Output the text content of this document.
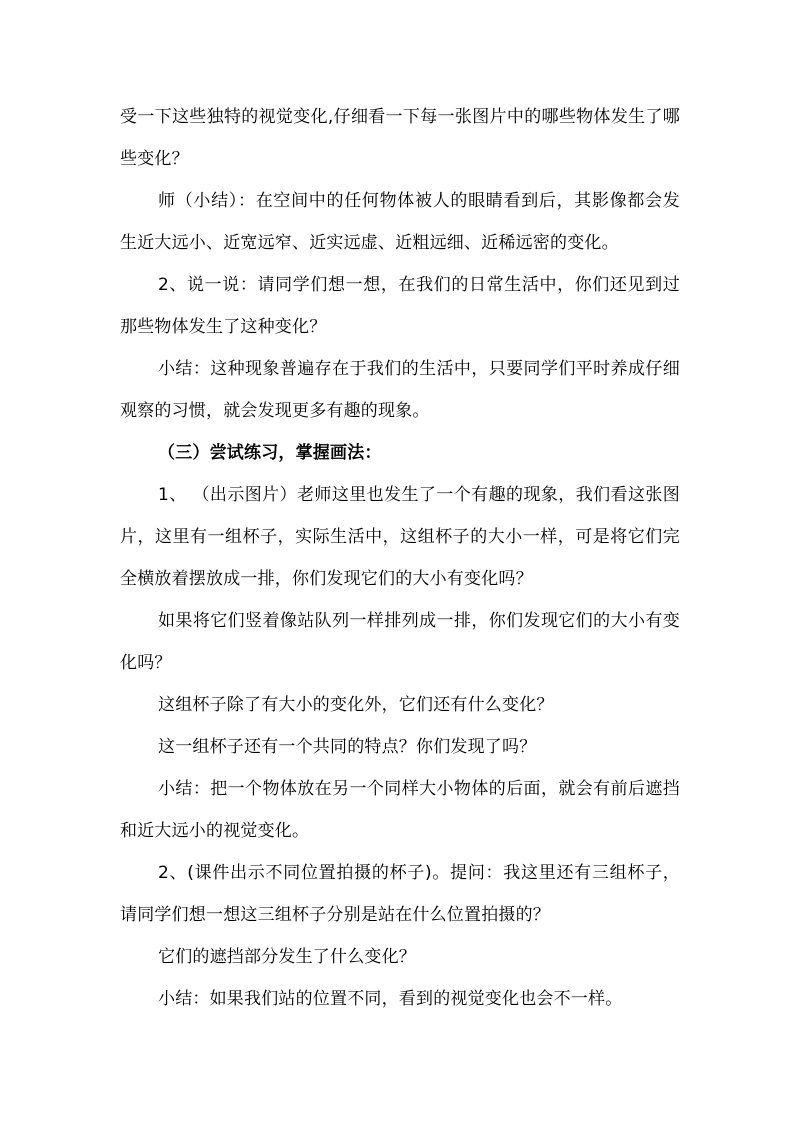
受一下这些独特的视觉变化,仔细看一下每一张图片中的哪些物体发生了哪些变化？

师（小结）：在空间中的任何物体被人的眼睛看到后，其影像都会发生近大远小、近宽远窄、近实远虚、近粗远细、近稀远密的变化。

2、说一说：请同学们想一想，在我们的日常生活中，你们还见到过那些物体发生了这种变化？

小结：这种现象普遍存在于我们的生活中，只要同学们平时养成仔细观察的习惯，就会发现更多有趣的现象。

（三）尝试练习，掌握画法：

1、 （出示图片）老师这里也发生了一个有趣的现象，我们看这张图片，这里有一组杯子，实际生活中，这组杯子的大小一样，可是将它们完全横放着摆放成一排，你们发现它们的大小有变化吗？

如果将它们竖着像站队列一样排列成一排，你们发现它们的大小有变化吗？

这组杯子除了有大小的变化外，它们还有什么变化？

这一组杯子还有一个共同的特点？你们发现了吗？

小结：把一个物体放在另一个同样大小物体的后面，就会有前后遮挡和近大远小的视觉变化。

2、(课件出示不同位置拍摄的杯子)。提问：我这里还有三组杯子，请同学们想一想这三组杯子分别是站在什么位置拍摄的？

它们的遮挡部分发生了什么变化？

小结：如果我们站的位置不同，看到的视觉变化也会不一样。
